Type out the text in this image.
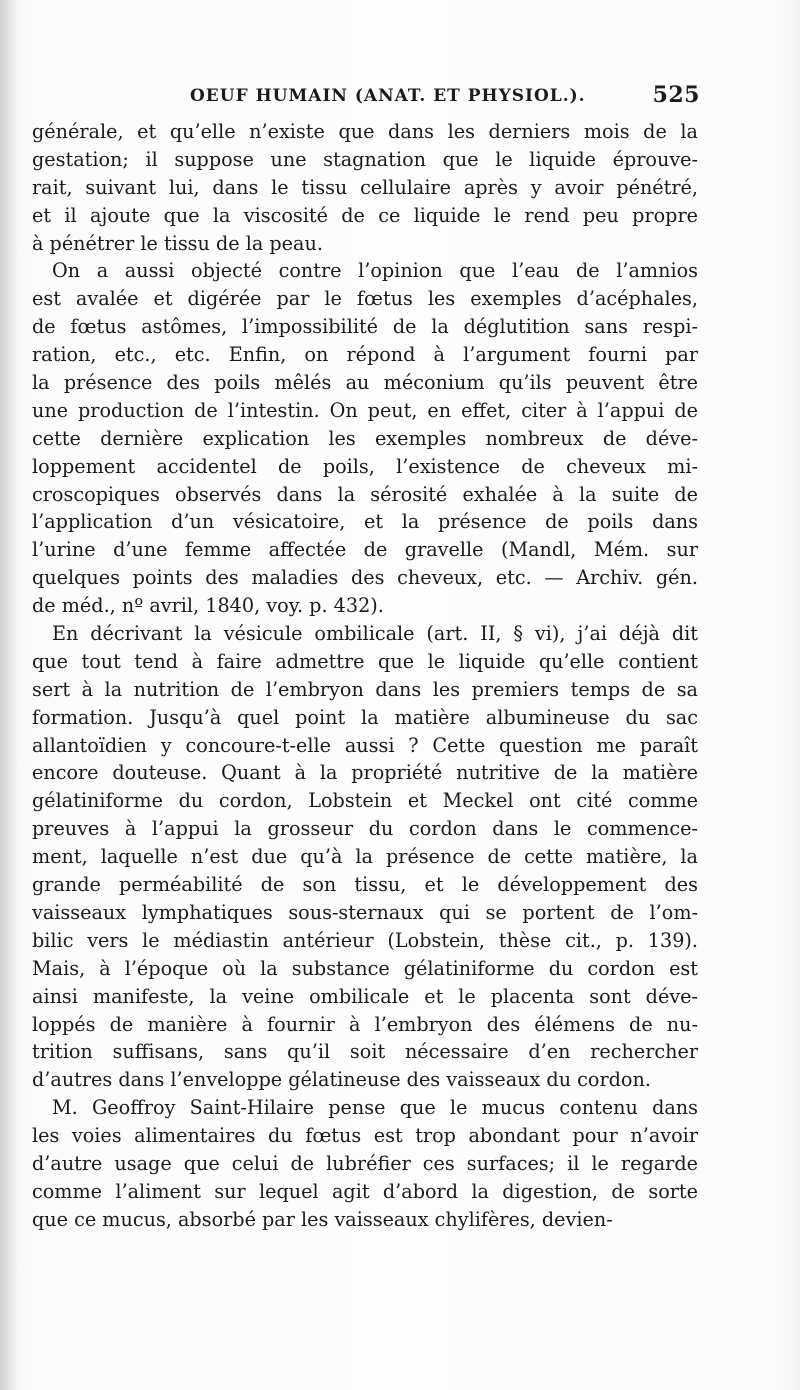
OEUF HUMAIN (ANAT. ET PHYSIOL.).	525
générale, et qu’elle n’existe que dans les derniers mois de la
gestation; il suppose une stagnation que le liquide éprouve-
rait, suivant lui, dans le tissu cellulaire après y avoir pénétré,
et il ajoute que la viscosité de ce liquide le rend peu propre
à pénétrer le tissu de la peau.
On a aussi objecté contre l’opinion que l’eau de l’amnios
est avalée et digérée par le fœtus les exemples d’acéphales,
de fœtus astômes, l’impossibilité de la déglutition sans respi-
ration, etc., etc. Enfin, on répond à l’argument fourni par
la présence des poils mêlés au méconium qu’ils peuvent être
une production de l’intestin. On peut, en effet, citer à l’appui de
cette dernière explication les exemples nombreux de déve-
loppement accidentel de poils, l’existence de cheveux mi-
croscopiques observés dans la sérosité exhalée à la suite de
l’application d’un vésicatoire, et la présence de poils dans
l’urine d’une femme affectée de gravelle (Mandl, Mém. sur
quelques points des maladies des cheveux, etc. — Archiv. gén.
de méd., nº avril, 1840, voy. p. 432).
En décrivant la vésicule ombilicale (art. II, § vi), j’ai déjà dit
que tout tend à faire admettre que le liquide qu’elle contient
sert à la nutrition de l’embryon dans les premiers temps de sa
formation. Jusqu’à quel point la matière albumineuse du sac
allantoïdien y concoure-t-elle aussi ? Cette question me paraît
encore douteuse. Quant à la propriété nutritive de la matière
gélatiniforme du cordon, Lobstein et Meckel ont cité comme
preuves à l’appui la grosseur du cordon dans le commence-
ment, laquelle n’est due qu’à la présence de cette matière, la
grande perméabilité de son tissu, et le développement des
vaisseaux lymphatiques sous-sternaux qui se portent de l’om-
bilic vers le médiastin antérieur (Lobstein, thèse cit., p. 139).
Mais, à l’époque où la substance gélatiniforme du cordon est
ainsi manifeste, la veine ombilicale et le placenta sont déve-
loppés de manière à fournir à l’embryon des élémens de nu-
trition suffisans, sans qu’il soit nécessaire d’en rechercher
d’autres dans l’enveloppe gélatineuse des vaisseaux du cordon.
M. Geoffroy Saint-Hilaire pense que le mucus contenu dans
les voies alimentaires du fœtus est trop abondant pour n’avoir
d’autre usage que celui de lubréfier ces surfaces; il le regarde
comme l’aliment sur lequel agit d’abord la digestion, de sorte
que ce mucus, absorbé par les vaisseaux chylifères, devien-
